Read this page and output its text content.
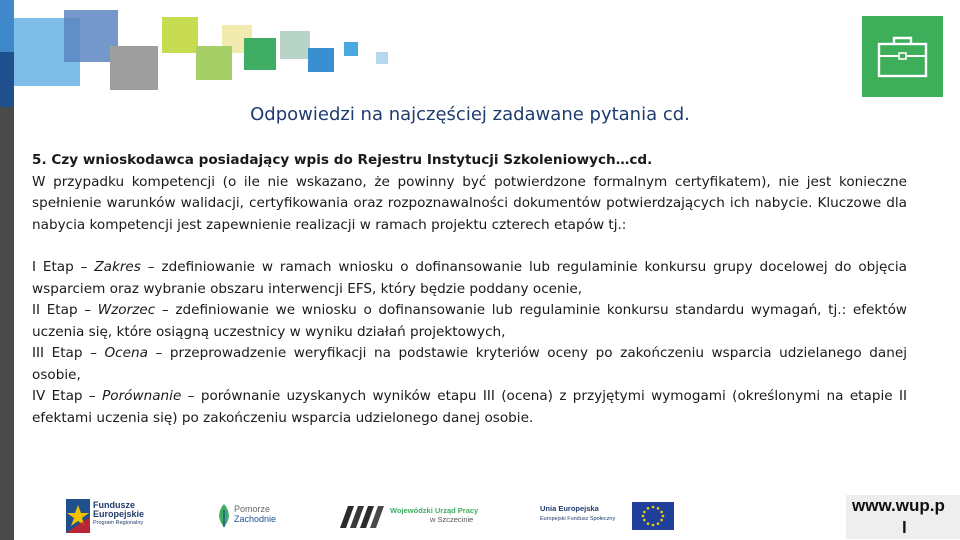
Odpowiedzi na najczęściej zadawane pytania cd.

5. Czy wnioskodawca posiadający wpis do Rejestru Instytucji Szkoleniowych…cd.

W przypadku kompetencji (o ile nie wskazano, że powinny być potwierdzone formalnym certyfikatem), nie jest konieczne spełnienie warunków walidacji, certyfikowania oraz rozpoznawalności dokumentów potwierdzających ich nabycie. Kluczowe dla nabycia kompetencji jest zapewnienie realizacji w ramach projektu czterech etapów tj.:

I Etap – Zakres – zdefiniowanie w ramach wniosku o dofinansowanie lub regulaminie konkursu grupy docelowej do objęcia wsparciem oraz wybranie obszaru interwencji EFS, który będzie poddany ocenie,

II Etap – Wzorzec – zdefiniowanie we wniosku o dofinansowanie lub regulaminie konkursu standardu wymagań, tj.: efektów uczenia się, które osiągną uczestnicy w wyniku działań projektowych,

III Etap – Ocena – przeprowadzenie weryfikacji na podstawie kryteriów oceny po zakończeniu wsparcia udzielanego danej osobie,

IV Etap – Porównanie – porównanie uzyskanych wyników etapu III (ocena) z przyjętymi wymogami (określonymi na etapie II efektami uczenia się) po zakończeniu wsparcia udzielonego danej osobie.

Fundusze
Europejskie
Program Regionalny
Pomorze
Zachodnie
Wojewódzki Urząd Pracy
w Szczecinie
Unia Europejska
Europejski Fundusz Społeczny
www.wup.p
l
